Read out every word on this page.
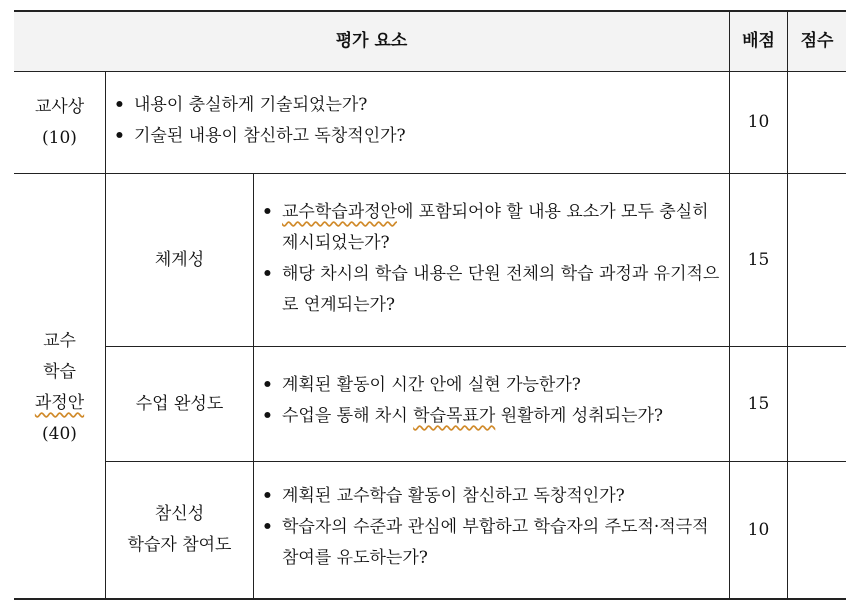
평가 요소	배점	점수
교사상
(10)
• 내용이 충실하게 기술되었는가?
• 기술된 내용이 참신하고 독창적인가?
10
교수
학습
과정안
(40)
체계성
• 교수학습과정안에 포함되어야 할 내용 요소가 모두 충실히 제시되었는가?
• 해당 차시의 학습 내용은 단원 전체의 학습 과정과 유기적으로 연계되는가?
15
수업 완성도
• 계획된 활동이 시간 안에 실현 가능한가?
• 수업을 통해 차시 학습목표가 원활하게 성취되는가?
15
참신성
학습자 참여도
• 계획된 교수학습 활동이 참신하고 독창적인가?
• 학습자의 수준과 관심에 부합하고 학습자의 주도적·적극적 참여를 유도하는가?
10
